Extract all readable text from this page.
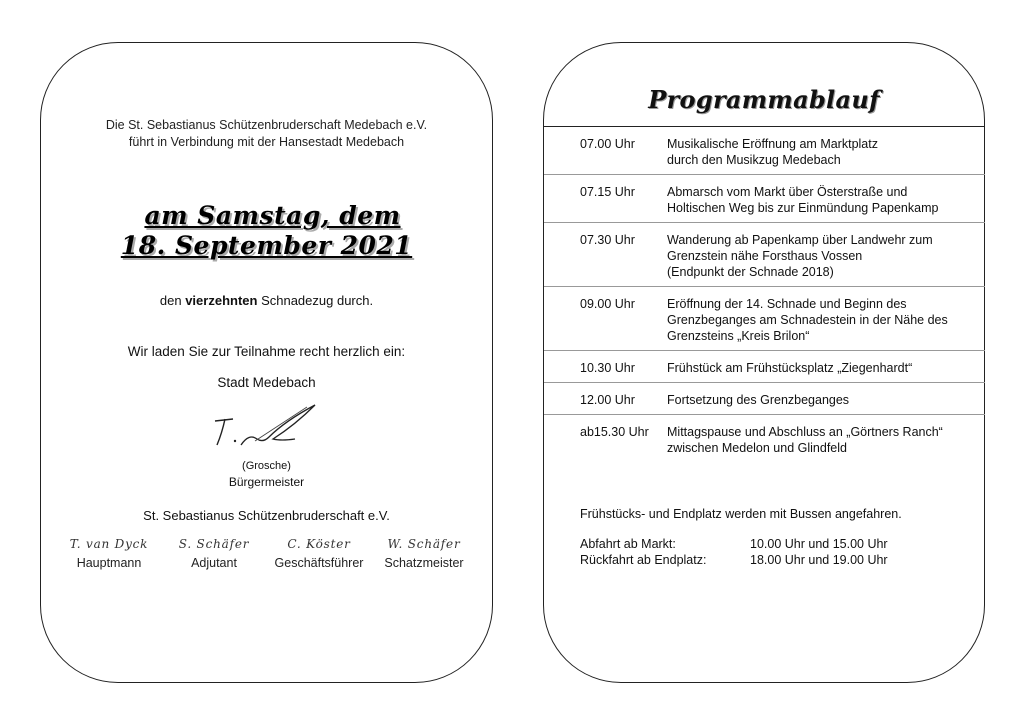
Die St. Sebastianus Schützenbruderschaft Medebach e.V.
führt in Verbindung mit der Hansestadt Medebach
am Samstag, dem
18. September 2021
den vierzehnten Schnadezug durch.
Wir laden Sie zur Teilnahme recht herzlich ein:
Stadt Medebach
(Grosche)
Bürgermeister
St. Sebastianus Schützenbruderschaft e.V.
T. van Dyck
Hauptmann
S. Schäfer
Adjutant
C. Köster
Geschäftsführer
W. Schäfer
Schatzmeister
Programmablauf
07.00 Uhr	Musikalische Eröffnung am Marktplatz
durch den Musikzug Medebach
07.15 Uhr	Abmarsch vom Markt über Österstraße und
Holtischen Weg bis zur Einmündung Papenkamp
07.30 Uhr	Wanderung ab Papenkamp über Landwehr zum
Grenzstein nähe Forsthaus Vossen
(Endpunkt der Schnade 2018)
09.00 Uhr	Eröffnung der 14. Schnade und Beginn des
Grenzbeganges am Schnadestein in der Nähe des
Grenzsteins „Kreis Brilon“
10.30 Uhr	Frühstück am Frühstücksplatz „Ziegenhardt“
12.00 Uhr	Fortsetzung des Grenzbeganges
ab15.30 Uhr	Mittagspause und Abschluss an „Görtners Ranch“
zwischen Medelon und Glindfeld
Frühstücks- und Endplatz werden mit Bussen angefahren.
Abfahrt ab Markt:	10.00 Uhr und 15.00 Uhr
Rückfahrt ab Endplatz:	18.00 Uhr und 19.00 Uhr
